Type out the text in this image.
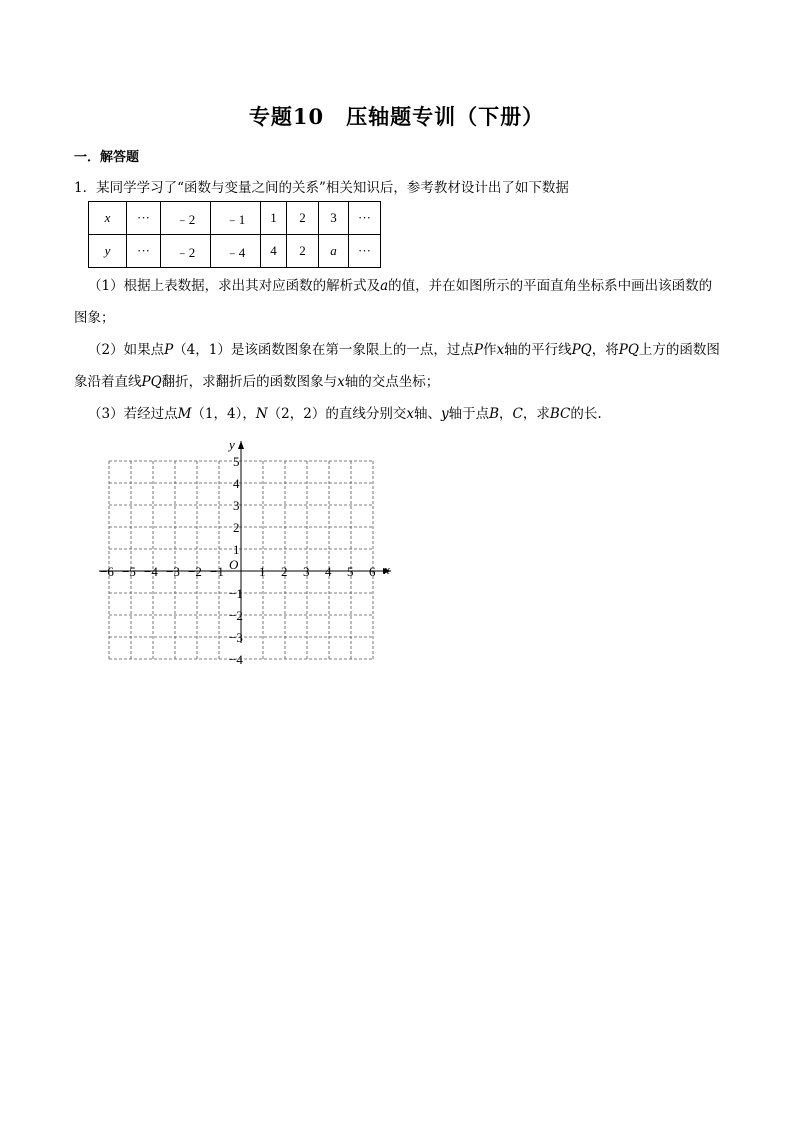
专题10 压轴题专训（下册）
一．解答题
1．某同学学习了“函数与变量之间的关系”相关知识后，参考教材设计出了如下数据
x	···	﹣2	﹣1	1	2	3	···
y	···	﹣2	﹣4	4	2	a	···
（1）根据上表数据，求出其对应函数的解析式及a的值，并在如图所示的平面直角坐标系中画出该函数的图象；
（2）如果点P（4，1）是该函数图象在第一象限上的一点，过点P作x轴的平行线PQ，将PQ上方的函数图象沿着直线PQ翻折，求翻折后的函数图象与x轴的交点坐标；
（3）若经过点M（1，4），N（2，2）的直线分别交x轴、y轴于点B，C，求BC的长.
x
y
O
−6 −5 −4 −3 −2 −1	1 2 3 4 5 6
5
4
3
2
1
−1
−2
−3
−4
